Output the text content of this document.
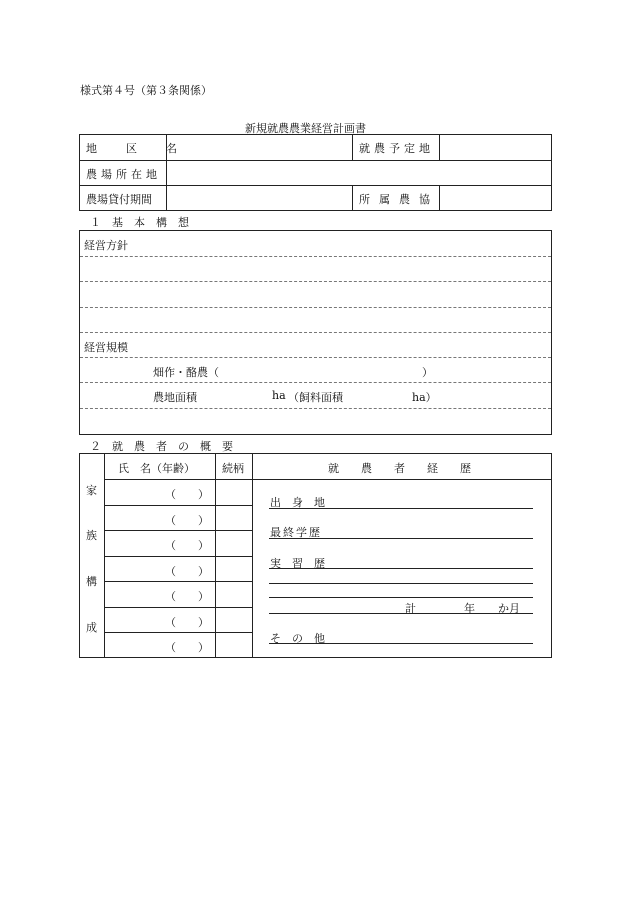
様式第４号（第３条関係）
新規就農農業経営計画書
地　区　名	就農予定地
農場所在地
農場貸付期間	所属農協
１　基　本　構　想
経営方針
経営規模
畑作・酪農（	）
農地面積	ha （飼料面積	ha）
２　就　農　者　の　概　要
家
族
構
成
氏　名（年齢） 続柄	就　　農　　者　　経　　歴
（　　）
（　　）
（　　）
（　　）
（　　）
（　　）
（　　）
出　身　地
最終学歴
実　習　歴
計	年 か月
そ　の　他
